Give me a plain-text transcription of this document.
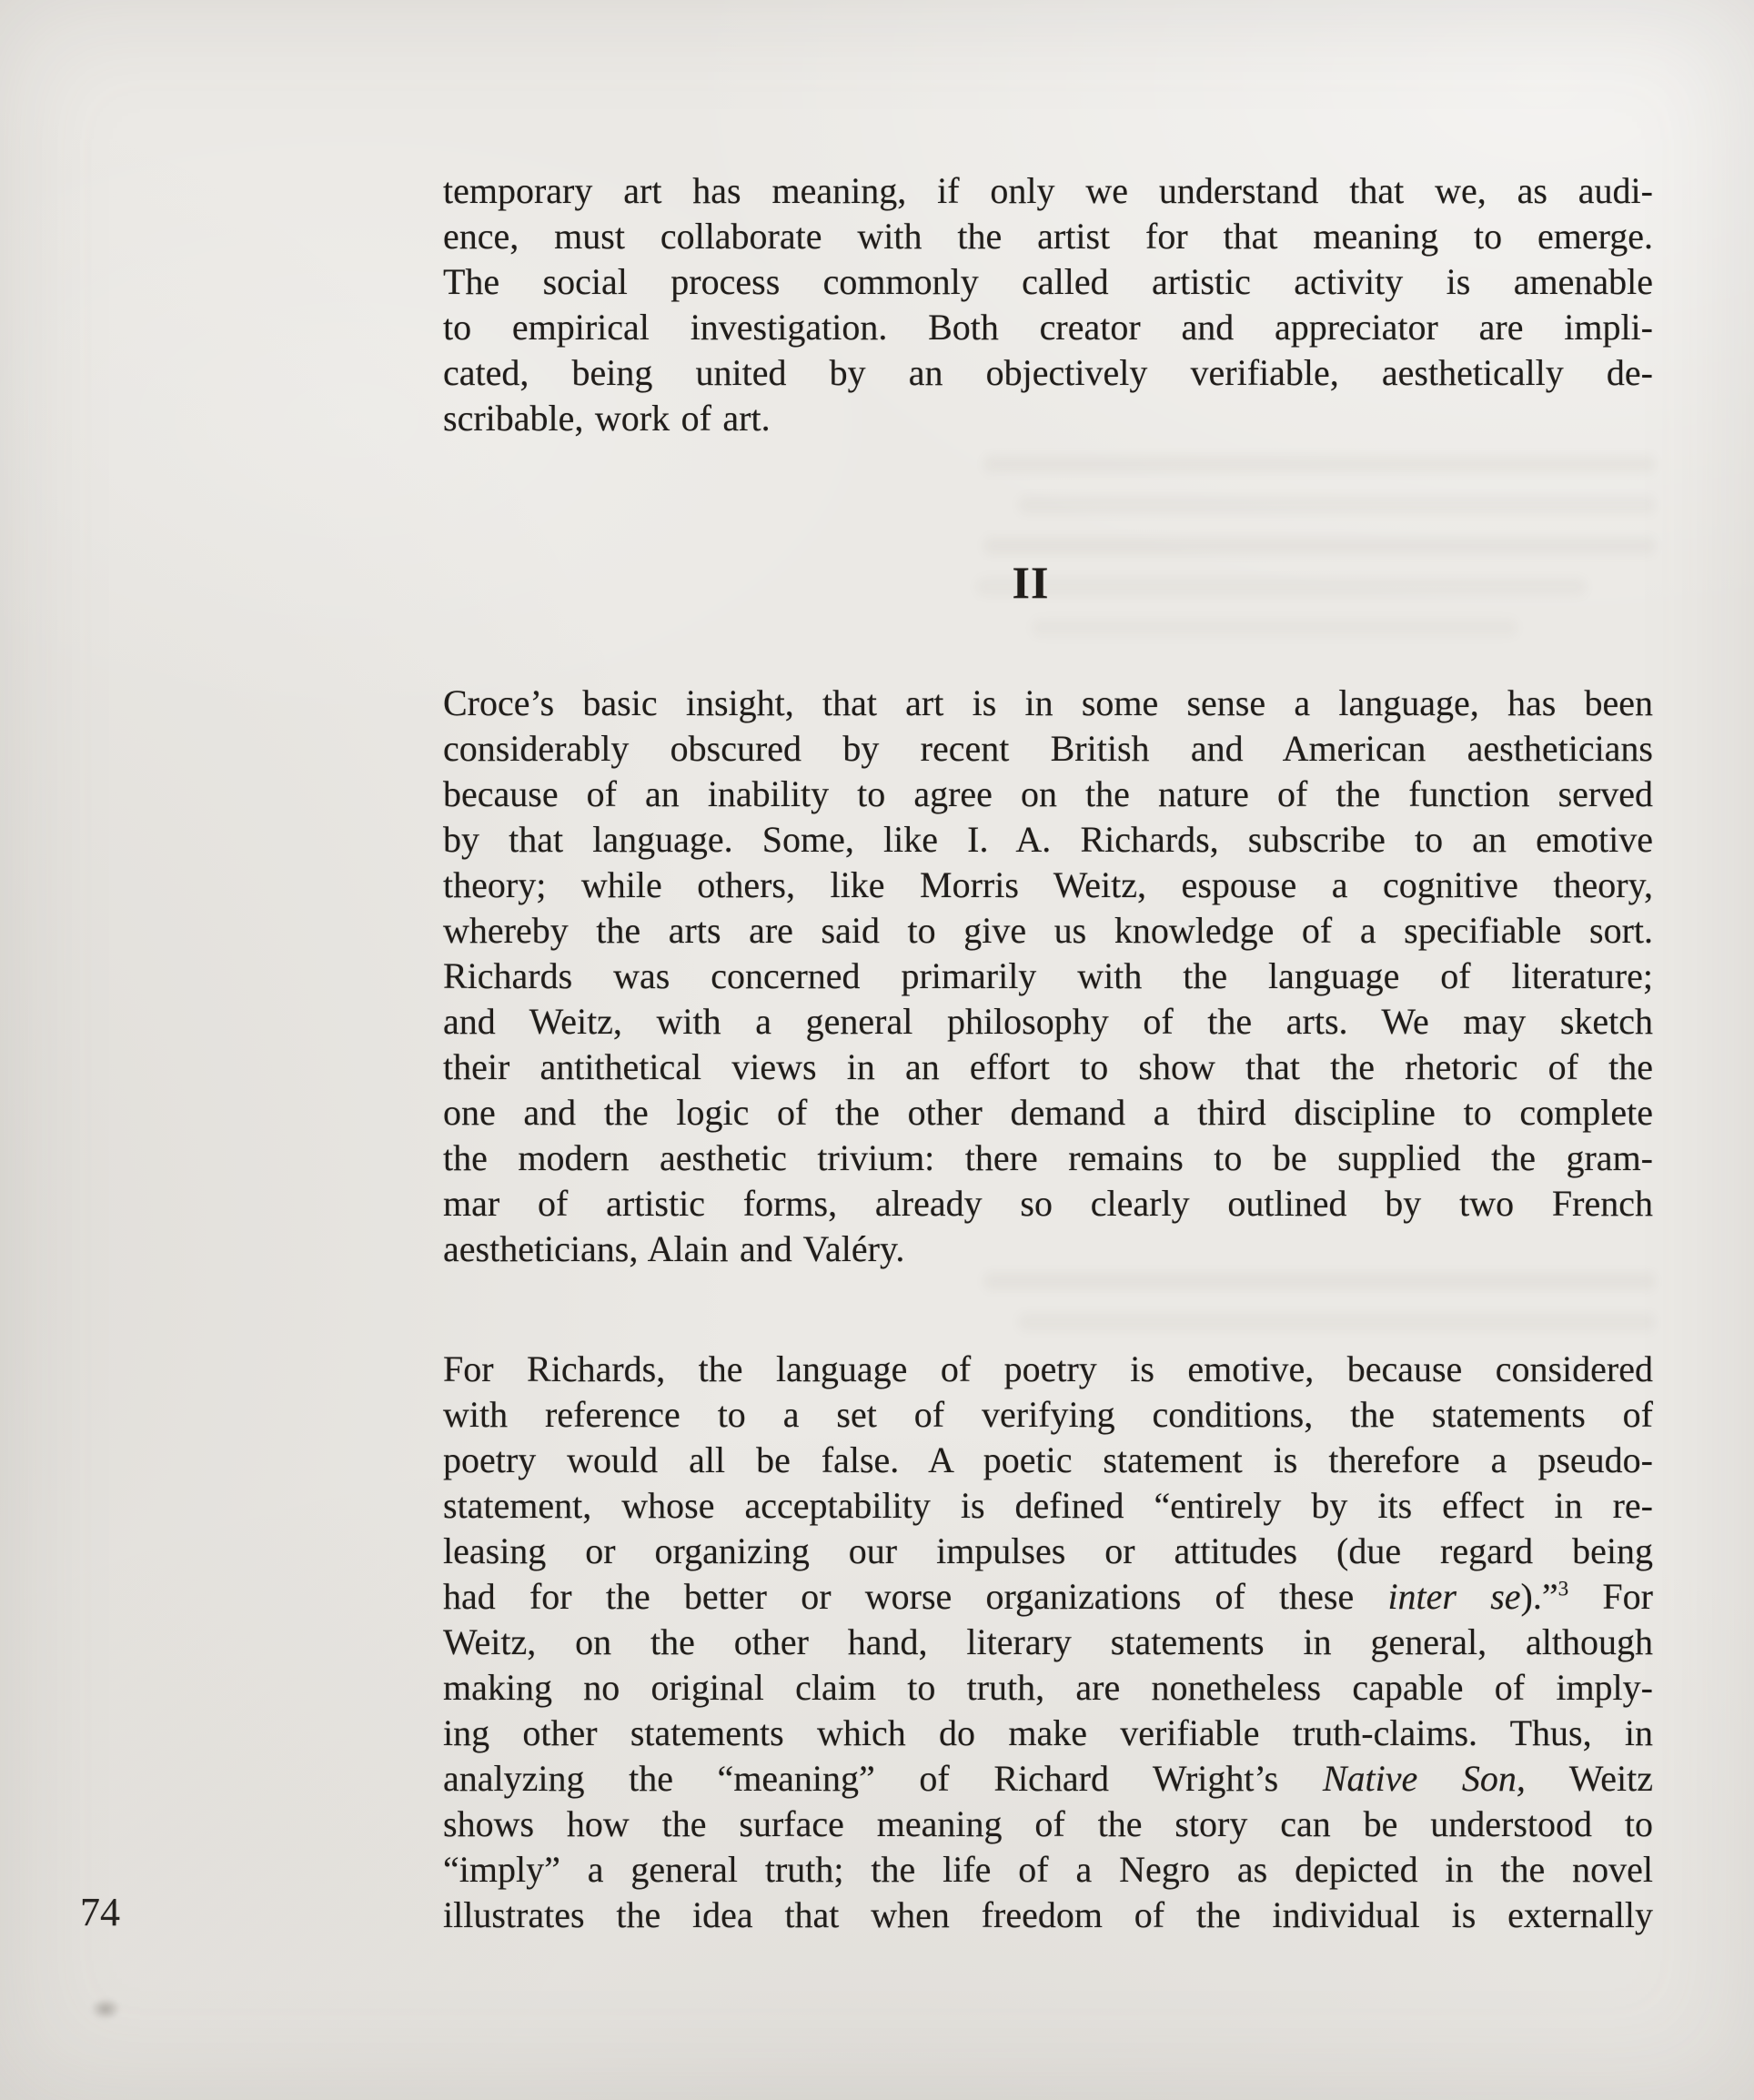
temporary art has meaning, if only we understand that we, as audi-
ence, must collaborate with the artist for that meaning to emerge.
The social process commonly called artistic activity is amenable
to empirical investigation. Both creator and appreciator are impli-
cated, being united by an objectively verifiable, aesthetically de-
scribable, work of art.
II
Croce’s basic insight, that art is in some sense a language, has been
considerably obscured by recent British and American aestheticians
because of an inability to agree on the nature of the function served
by that language. Some, like I. A. Richards, subscribe to an emotive
theory; while others, like Morris Weitz, espouse a cognitive theory,
whereby the arts are said to give us knowledge of a specifiable sort.
Richards was concerned primarily with the language of literature;
and Weitz, with a general philosophy of the arts. We may sketch
their antithetical views in an effort to show that the rhetoric of the
one and the logic of the other demand a third discipline to complete
the modern aesthetic trivium: there remains to be supplied the gram-
mar of artistic forms, already so clearly outlined by two French
aestheticians, Alain and Valéry.
For Richards, the language of poetry is emotive, because considered
with reference to a set of verifying conditions, the statements of
poetry would all be false. A poetic statement is therefore a pseudo-
statement, whose acceptability is defined “entirely by its effect in re-
leasing or organizing our impulses or attitudes (due regard being
had for the better or worse organizations of these inter se).”$^3$ For
Weitz, on the other hand, literary statements in general, although
making no original claim to truth, are nonetheless capable of imply-
ing other statements which do make verifiable truth-claims. Thus, in
analyzing the “meaning” of Richard Wright’s Native Son, Weitz
shows how the surface meaning of the story can be understood to
“imply” a general truth; the life of a Negro as depicted in the novel
illustrates the idea that when freedom of the individual is externally
74
